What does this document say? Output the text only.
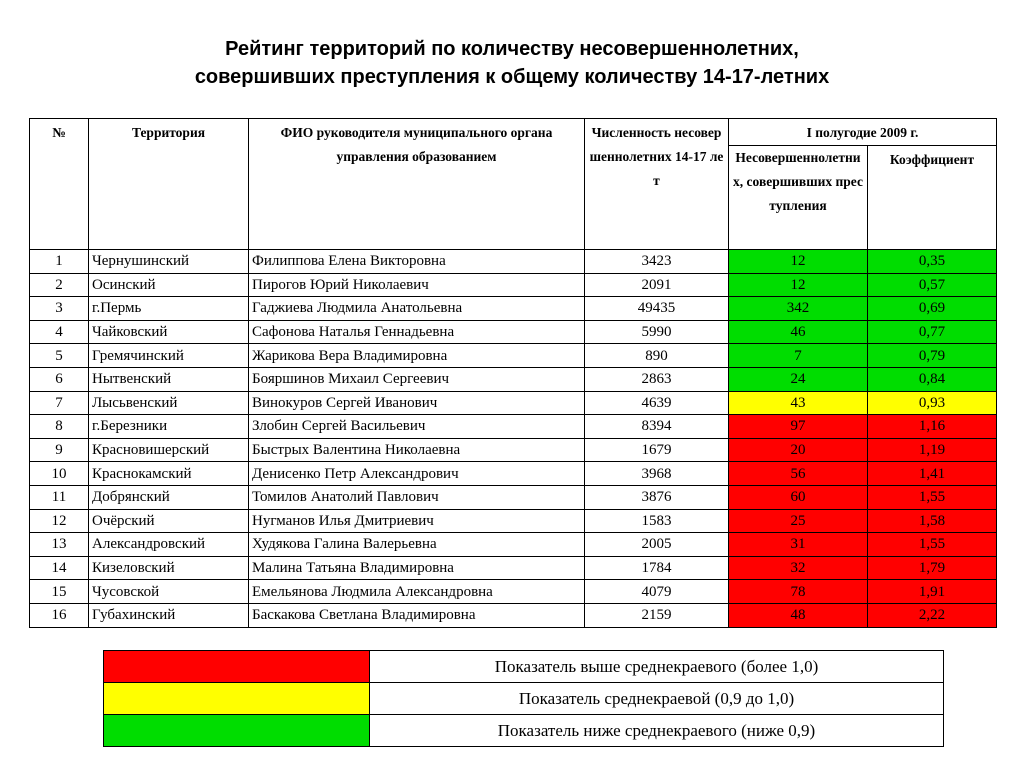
Рейтинг территорий по количеству несовершеннолетних,
совершивших преступления к общему количеству 14-17-летних
№	Территория	ФИО руководителя муниципального органа управления образованием	Численность несовершеннолетних 14-17 лет	I полугодие 2009 г.	
				Несовершеннолетних, совершивших преступления	Коэффициент
1	Чернушинский	Филиппова Елена Викторовна	3423	12	0,35
2	Осинский	Пирогов Юрий Николаевич	2091	12	0,57
3	г.Пермь	Гаджиева Людмила Анатольевна	49435	342	0,69
4	Чайковский	Сафонова Наталья Геннадьевна	5990	46	0,77
5	Гремячинский	Жарикова Вера Владимировна	890	7	0,79
6	Нытвенский	Бояршинов Михаил Сергеевич	2863	24	0,84
7	Лысьвенский	Винокуров Сергей Иванович	4639	43	0,93
8	г.Березники	Злобин Сергей Васильевич	8394	97	1,16
9	Красновишерский	Быстрых Валентина Николаевна	1679	20	1,19
10	Краснокамский	Денисенко Петр Александрович	3968	56	1,41
11	Добрянский	Томилов Анатолий Павлович	3876	60	1,55
12	Очёрский	Нугманов Илья Дмитриевич	1583	25	1,58
13	Александровский	Худякова Галина Валерьевна	2005	31	1,55
14	Кизеловский	Малина Татьяна Владимировна	1784	32	1,79
15	Чусовской	Емельянова Людмила Александровна	4079	78	1,91
16	Губахинский	Баскакова Светлана Владимировна	2159	48	2,22
	Показатель выше среднекраевого (более 1,0)
	Показатель среднекраевой (0,9 до 1,0)
	Показатель ниже среднекраевого (ниже 0,9)
